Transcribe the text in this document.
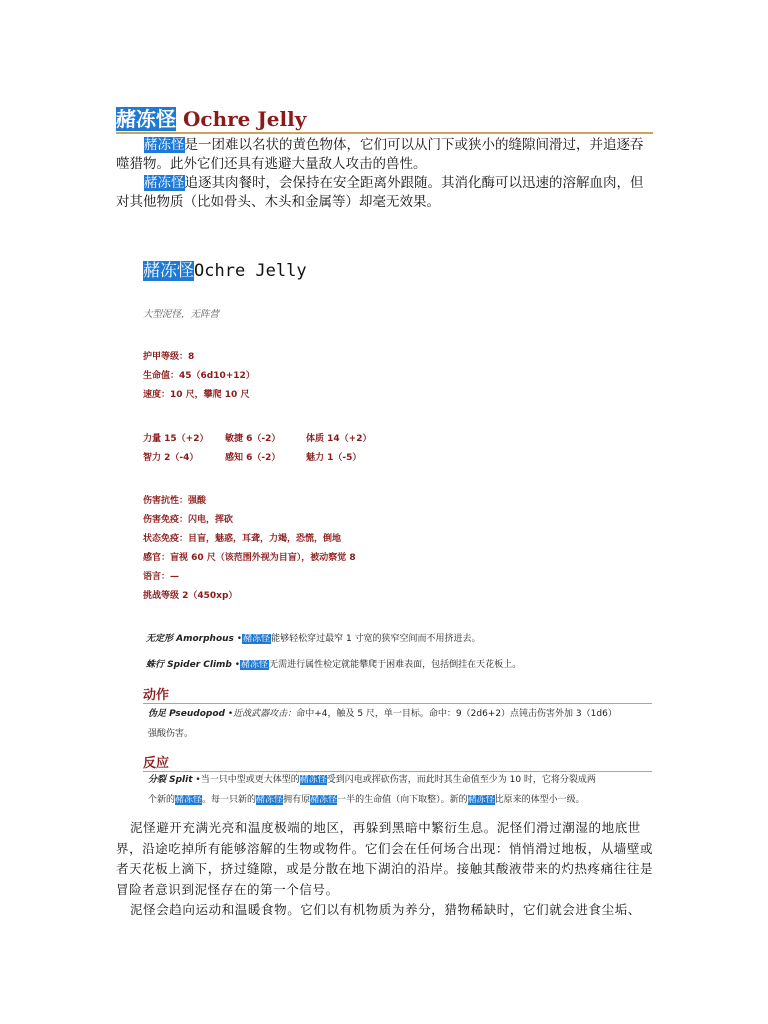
赭冻怪 Ochre Jelly

赭冻怪是一团难以名状的黄色物体，它们可以从门下或狭小的缝隙间滑过，并追逐吞噬猎物。此外它们还具有逃避大量敌人攻击的兽性。

赭冻怪追逐其肉餐时，会保持在安全距离外跟随。其消化酶可以迅速的溶解血肉，但对其他物质（比如骨头、木头和金属等）却毫无效果。

赭冻怪Ochre Jelly
大型泥怪，无阵营
护甲等级：8
生命值：45（6d10+12）
速度：10 尺，攀爬 10 尺
力量 15（+2） 敏捷 6（-2）	体质 14（+2）
智力 2（-4）	感知 6（-2）	魅力 1（-5）
伤害抗性：强酸
伤害免疫：闪电，挥砍
状态免疫：目盲，魅惑，耳聋，力竭，恐慌，倒地
感官：盲视 60 尺（该范围外视为目盲），被动察觉 8
语言：—
挑战等级 2（450xp）
无定形 Amorphous •赭冻怪能够轻松穿过最窄 1 寸宽的狭窄空间而不用挤进去。
蛛行 Spider Climb •赭冻怪无需进行属性检定就能攀爬于困难表面，包括倒挂在天花板上。
动作
伪足 Pseudopod •近战武器攻击：命中+4，触及 5 尺，单一目标。命中：9（2d6+2）点钝击伤害外加 3（1d6）
强酸伤害。
反应
分裂 Split •当一只中型或更大体型的赭冻怪受到闪电或挥砍伤害，而此时其生命值至少为 10 时，它将分裂成两
个新的赭冻怪。每一只新的赭冻怪拥有原赭冻怪一半的生命值（向下取整）。新的赭冻怪比原来的体型小一级。

泥怪避开充满光亮和温度极端的地区，再躲到黑暗中繁衍生息。泥怪们滑过潮湿的地底世界，沿途吃掉所有能够溶解的生物或物件。它们会在任何场合出现：悄悄滑过地板，从墙壁或者天花板上滴下，挤过缝隙，或是分散在地下湖泊的沿岸。接触其酸液带来的灼热疼痛往往是冒险者意识到泥怪存在的第一个信号。

泥怪会趋向运动和温暖食物。它们以有机物质为养分，猎物稀缺时，它们就会进食尘垢、
